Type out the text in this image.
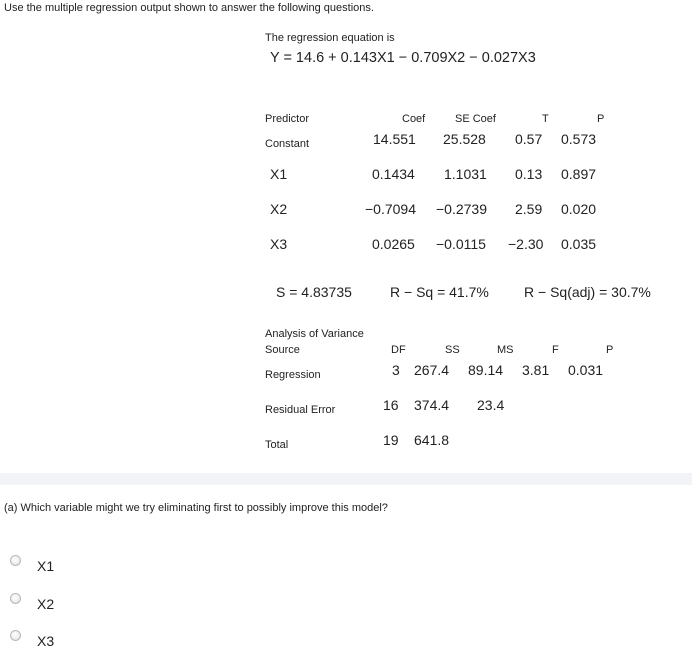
Use the multiple regression output shown to answer the following questions.
The regression equation is
Y = 14.6 + 0.143X1 − 0.709X2 − 0.027X3
Predictor	Coef	SE Coef	T	P
Constant	14.551 25.528 0.57 0.573
X1	0.1434 1.1031 0.13 0.897
X2	−0.7094 −0.2739 2.59 0.020
X3	0.0265 −0.0115 −2.30 0.035
S = 4.83735	R − Sq = 41.7%	R − Sq(adj) = 30.7%
Analysis of Variance
Source	DF	SS	MS	F	P
Regression	3 267.4 89.14 3.81 0.031
Residual Error	16 374.4 23.4
Total	19 641.8
(a) Which variable might we try eliminating first to possibly improve this model?
X1
X2
X3
